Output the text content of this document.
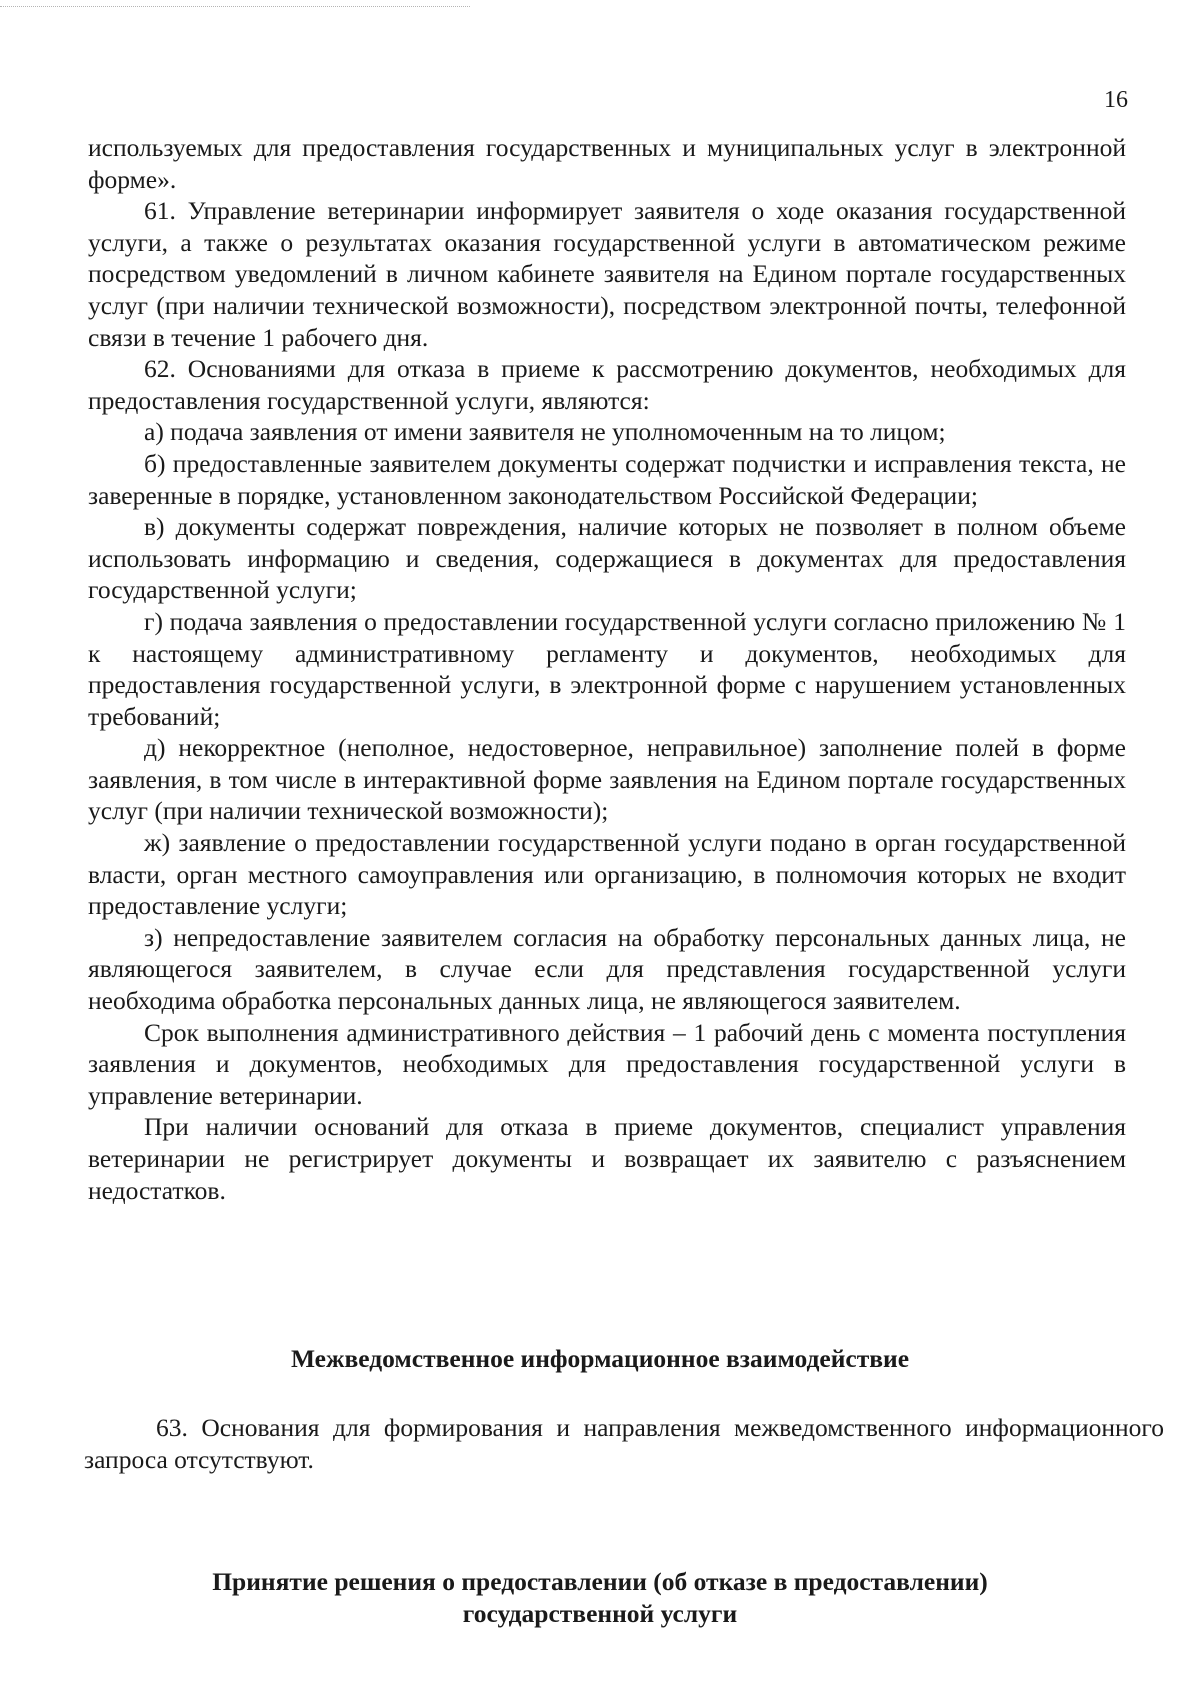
16

используемых для предоставления государственных и муниципальных услуг в электронной форме».

61. Управление ветеринарии информирует заявителя о ходе оказания государственной услуги, а также о результатах оказания государственной услуги в автоматическом режиме посредством уведомлений в личном кабинете заявителя на Едином портале государственных услуг (при наличии технической возможности), посредством электронной почты, телефонной связи в течение 1 рабочего дня.

62. Основаниями для отказа в приеме к рассмотрению документов, необходимых для предоставления государственной услуги, являются:

а) подача заявления от имени заявителя не уполномоченным на то лицом;

б) предоставленные заявителем документы содержат подчистки и исправления текста, не заверенные в порядке, установленном законодательством Российской Федерации;

в) документы содержат повреждения, наличие которых не позволяет в полном объеме использовать информацию и сведения, содержащиеся в документах для предоставления государственной услуги;

г) подача заявления о предоставлении государственной услуги согласно приложению № 1 к настоящему административному регламенту и документов, необходимых для предоставления государственной услуги, в электронной форме с нарушением установленных требований;

д) некорректное (неполное, недостоверное, неправильное) заполнение полей в форме заявления, в том числе в интерактивной форме заявления на Едином портале государственных услуг (при наличии технической возможности);

ж) заявление о предоставлении государственной услуги подано в орган государственной власти, орган местного самоуправления или организацию, в полномочия которых не входит предоставление услуги;

з) непредоставление заявителем согласия на обработку персональных данных лица, не являющегося заявителем, в случае если для представления государственной услуги необходима обработка персональных данных лица, не являющегося заявителем.

Срок выполнения административного действия – 1 рабочий день с момента поступления заявления и документов, необходимых для предоставления государственной услуги в управление ветеринарии.

При наличии оснований для отказа в приеме документов, специалист управления ветеринарии не регистрирует документы и возвращает их заявителю с разъяснением недостатков.

Межведомственное информационное взаимодействие

63. Основания для формирования и направления межведомственного информационного запроса отсутствуют.

Принятие решения о предоставлении (об отказе в предоставлении)
государственной услуги
